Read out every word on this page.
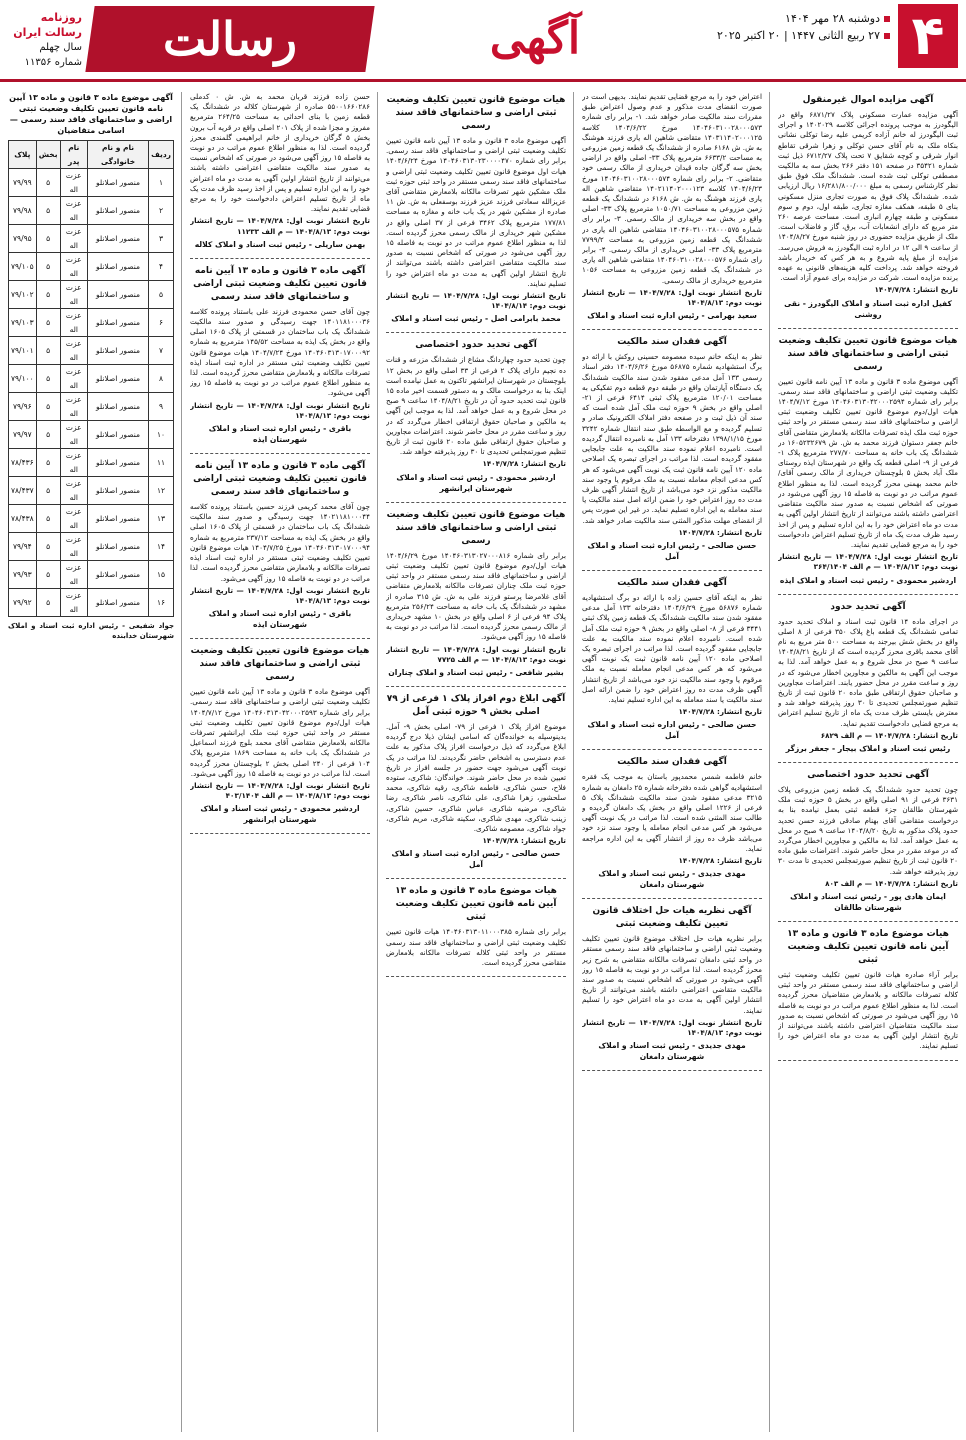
۴
دوشنبه ۲۸ مهر ۱۴۰۴
۲۷ ربیع الثانی ۱۴۴۷ | ۲۰ اکتبر ۲۰۲۵
آگهی
رسالت
روزنامه رسالت ایران
سال چهلم
شماره ۱۱۳۵۶
آگهی مزایده اموال غیرمنقول
آگهی مزایده عمارت مسکونی پلاک ۶۸۷۱/۲۷ واقع در الیگودرز به موجب پرونده اجرائی کلاسه ۱۴۰۲۰۲۹ و اجرای ثبت الیگودرز له خانم آزاده کریمی علیه رضا توکلی نشانی بنکاه ملک به نام آقای حسن توکلی و زهرا شرقی تقاطع انوار شرقی و کوچه شقایق ۷ تحت پلاک ۶۷۱۲/۲۷ ذیل ثبت شماره ۳۵۴۲۱ در صفحه ۱۵۱ دفتر ۲۶۶ بخش سه به مالکیت مصطفی توکلی ثبت شده است. ششدانگ ملک فوق طبق نظر کارشناس رسمی به مبلغ ۱۶/۲۸۱/۸۰۰/۰۰۰ ریال ارزیابی شده. ششدانگ پلاک فوق به صورت تجاری منزل مسکونی بنای ۵ طبقه، همکف مغازه تجاری، طبقه اول، دوم و سوم مسکونی و طبقه چهارم انباری است. مساحت عرصه ۲۶۰ متر مربع که دارای انشعابات آب، برق، گاز و فاضلاب است. ملک از طریق مزایده حضوری در روز شنبه مورخ ۱۴۰۴/۸/۲۷ از ساعت ۹ الی ۱۲ در اداره ثبت الیگودرز به فروش می‌رسد. مزایده از مبلغ پایه شروع و به هر کس که خریدار باشد فروخته خواهد شد. پرداخت کلیه هزینه‌های قانونی به عهده برنده مزایده است. شرکت در مزایده برای عموم آزاد است.
تاریخ انتشار: ۱۴۰۴/۷/۲۸
کفیل اداره ثبت اسناد و املاک الیگودرز - نقی روشنی
هیات موضوع قانون تعیین تکلیف وضعیت ثبتی اراضی و ساختمانهای فاقد سند رسمی
آگهی موضوع ماده ۳ قانون و ماده ۱۳ آیین نامه قانون تعیین تکلیف وضعیت ثبتی اراضی و ساختمانهای فاقد سند رسمی. برابر رای شماره ۱۴۰۴۶۰۳۱۳۰۴۲۰۰۰۲۵۹۴ مورخ ۱۴۰۴/۷/۱۲ هیات اول/دوم موضوع قانون تعیین تکلیف وضعیت ثبتی اراضی و ساختمانهای فاقد سند رسمی مستقر در واحد ثبتی حوزه ثبت ملک ایذه تصرفات مالکانه بلامعارض متقاضی آقای خانم جعفر دستوان فرزند محمد به ش. ش ۱۶۰۵۲۳۲۶۷۹ در ششدانگ یک باب خانه به مساحت ۲۷۷/۷۰ مترمربع پلاک ۱- فرعی از ۹- اصلی قطعه یک واقع در شهرستان ایذه روستای ملک آباد بخش ۵ بلوچستان خریداری از مالک رسمی آقای/خانم محمد بهمنی محرز گردیده است. لذا به منظور اطلاع عموم مراتب در دو نوبت به فاصله ۱۵ روز آگهی می‌شود در صورتی که اشخاص نسبت به صدور سند مالکیت متقاضی اعتراضی داشته باشند می‌توانند از تاریخ انتشار اولین آگهی به مدت دو ماه اعتراض خود را به این اداره تسلیم و پس از اخذ رسید ظرف مدت یک ماه از تاریخ تسلیم اعتراض دادخواست خود را به مرجع قضایی تقدیم نمایند.
تاریخ انتشار نوبت اول: ۱۴۰۴/۷/۲۸ — تاریخ انتشار نوبت دوم: ۱۴۰۴/۸/۱۳ — م الف ۳۶۴/۱۴۰۴
اردشیر محمودی - رئیس ثبت اسناد و املاک ایذه
آگهی تحدید حدود
در اجرای ماده ۱۴ قانون ثبت اسناد و املاک تحدید حدود تمامی ششدانگ یک قطعه باغ پلاک ۳۵۰ فرعی از ۸ اصلی واقع در بخش شش بیرجند به مساحت ۵۰۰ متر مربع به نام آقای محمد باقری محرز گردیده است که از تاریخ ۱۴۰۴/۸/۲۱ ساعت ۹ صبح در محل شروع و به عمل خواهد آمد. لذا به موجب این آگهی به مالکین و مجاورین اخطار می‌شود که در روز و ساعت مقرر در محل حضور یابند. اعتراضات مجاورین و صاحبان حقوق ارتفاقی طبق ماده ۲۰ قانون ثبت از تاریخ تنظیم صورتمجلس تحدیدی تا ۳۰ روز پذیرفته خواهد شد و معترض بایستی ظرف مدت یک ماه از تاریخ تسلیم اعتراض به مرجع قضایی دادخواست تقدیم نماید.
تاریخ انتشار: ۱۴۰۴/۷/۲۸ — م الف ۶۸۲۹
رئیس ثبت اسناد و املاک بیجار - جعفر برزگر
آگهی تحدید حدود اختصاصی
چون تحدید حدود ششدانگ یک قطعه زمین مزروعی پلاک ۳۶۳۱ فرعی از ۹۱ اصلی واقع در بخش ۵ حوزه ثبت ملک شهرستان طالقان جزء قطعه ثبتی بعمل نیامده بنا به درخواست متقاضی آقای بهنام صادقی فرزند حسن تحدید حدود پلاک مذکور به تاریخ ۱۴۰۴/۸/۲۰ ساعت ۹ صبح در محل به عمل خواهد آمد. لذا به مالکین و مجاورین اخطار می‌گردد که در موعد مقرر در محل حاضر شوند. اعتراضات طبق ماده ۲۰ قانون ثبت از تاریخ تنظیم صورتمجلس تحدیدی تا مدت ۳۰ روز پذیرفته خواهد شد.
تاریخ انتشار: ۱۴۰۴/۷/۲۸ — م الف ۸۰۳
ایمان هادی پور - رئیس ثبت اسناد و املاک شهرستان طالقان
هیات موضوع ماده ۳ قانون و ماده ۱۳ آیین نامه قانون تعیین تکلیف وضعیت ثبتی
برابر آراء صادره هیات قانون تعیین تکلیف وضعیت ثبتی اراضی و ساختمانهای فاقد سند رسمی مستقر در واحد ثبتی کلاله تصرفات مالکانه و بلامعارض متقاضیان محرز گردیده است. لذا به منظور اطلاع عموم مراتب در دو نوبت به فاصله ۱۵ روز آگهی می‌شود در صورتی که اشخاص نسبت به صدور سند مالکیت متقاضیان اعتراضی داشته باشند می‌توانند از تاریخ انتشار اولین آگهی به مدت دو ماه اعتراض خود را تسلیم نمایند.
اعتراض خود را به مرجع قضایی تقدیم نمایند. بدیهی است در صورت انقضای مدت مذکور و عدم وصول اعتراض طبق مقررات سند مالکیت صادر خواهد شد. ۱- برابر رای شماره ۱۴۰۴۶۰۳۱۰۰۲۸۰۰۰۵۷۳ مورخ ۱۴۰۴/۶/۲۲ کلاسه ۱۴۰۳۱۱۴۰۲۰۰۰۱۲۵ متقاضی شاهین اله یاری فرزند هوشنگ به ش. ش ۶۱۶۸ صادره از ششدانگ یک قطعه زمین مزروعی به مساحت ۶۶۳۳/۲ مترمربع پلاک ۳۳- اصلی واقع در اراضی بخش سه گرگان جاده قیدان خریداری از مالک رسمی خود متقاضی. ۲- برابر رای شماره ۱۴۰۴۶۰۳۱۰۰۲۸۰۰۰۵۷۴ مورخ ۱۴۰۴/۶/۲۳ کلاسه ۱۴۰۲۱۱۴۰۲۰۰۰۱۲۳ متقاضی شاهین اله یاری فرزند هوشنگ به ش. ش ۶۱۶۸ در ششدانگ یک قطعه زمین مزروعی به مساحت ۱۰۵۰/۷۱ مترمربع پلاک ۳۳- اصلی واقع در بخش سه خریداری از مالک رسمی. ۳- برابر رای شماره ۱۴۰۴۶۰۳۱۰۰۲۸۰۰۰۵۷۵ متقاضی شاهین اله یاری در ششدانگ یک قطعه زمین مزروعی به مساحت ۷۷۹۹/۲ مترمربع پلاک ۳۳- اصلی خریداری از مالک رسمی. ۴- برابر رای شماره ۱۴۰۴۶۰۳۱۰۰۲۸۰۰۰۵۷۶ متقاضی شاهین اله یاری در ششدانگ یک قطعه زمین مزروعی به مساحت ۱۰۵۶ مترمربع خریداری از مالک رسمی.
تاریخ انتشار نوبت اول: ۱۴۰۴/۷/۲۸ — تاریخ انتشار نوبت دوم: ۱۴۰۴/۸/۱۳
سعید بهرامی - رئیس اداره ثبت اسناد و املاک
آگهی فقدان سند مالکیت
نظر به اینکه خانم سیده معصومه حسینی روکش با ارائه دو برگ استشهادیه شماره ۵۶۸۷۵ مورخ ۱۴۰۴/۶/۲۶ دفتر اسناد رسمی ۱۳۳ آمل مدعی مفقود شدن سند مالکیت ششدانگ یک دستگاه آپارتمان واقع در طبقه دوم قطعه دوم تفکیکی به مساحت ۱۲۰/۰۱ مترمربع پلاک ثبتی ۶۴۱۴ فرعی از ۲۱- اصلی واقع در بخش ۹ حوزه ثبت ملک آمل شده است که سند آن ذیل ثبت و در صفحه دفتر املاک الکترونیک صادر و تسلیم گردیده و مع الواسطه طبق سند انتقال شماره ۳۲۴۲ مورخ ۱۳۹۸/۱/۱۵ دفترخانه ۱۳۳ آمل به نامبرده انتقال گردیده است. نامبرده اعلام نموده سند مالکیت به علت جابجایی مفقود گردیده است. لذا مراتب در اجرای تبصره یک اصلاحی ماده ۱۲۰ آیین نامه قانون ثبت یک نوبت آگهی می‌شود که هر کس مدعی انجام معامله نسبت به ملک مرقوم یا وجود سند مالکیت مذکور نزد خود می‌باشد از تاریخ انتشار آگهی ظرف مدت ده روز اعتراض خود را ضمن ارائه اصل سند مالکیت یا سند معامله به این اداره تسلیم نماید. در غیر این صورت پس از انقضای مهلت مذکور المثنی سند مالکیت صادر خواهد شد.
تاریخ انتشار: ۱۴۰۴/۷/۲۸
حسن صالحی - رئیس اداره ثبت اسناد و املاک آمل
آگهی فقدان سند مالکیت
نظر به اینکه آقای حسین زاده با ارائه دو برگ استشهادیه شماره ۵۶۸۷۶ مورخ ۱۴۰۴/۶/۲۹ دفترخانه ۱۳۳ آمل مدعی مفقود شدن سند مالکیت ششدانگ یک قطعه زمین پلاک ثبتی ۳۴۴۱ فرعی از ۸- اصلی واقع در بخش ۹ حوزه ثبت ملک آمل شده است. نامبرده اعلام نموده سند مالکیت به علت جابجایی مفقود گردیده است. لذا مراتب در اجرای تبصره یک اصلاحی ماده ۱۲۰ آیین نامه قانون ثبت یک نوبت آگهی می‌شود که هر کس مدعی انجام معامله نسبت به ملک مرقوم یا وجود سند مالکیت نزد خود می‌باشد از تاریخ انتشار آگهی ظرف مدت ده روز اعتراض خود را ضمن ارائه اصل سند مالکیت یا سند معامله به این اداره تسلیم نماید.
تاریخ انتشار: ۱۴۰۴/۷/۲۸
حسن صالحی - رئیس اداره ثبت اسناد و املاک آمل
آگهی فقدان سند مالکیت
خانم فاطمه شمس محمدپور باستان به موجب یک فقره استشهادیه گواهی شده دفترخانه شماره ۲۵ دامغان به شماره ۳۲۱۵ مدعی مفقود شدن سند مالکیت ششدانگ پلاک ۵ فرعی از ۱۲۲۶ اصلی واقع در بخش یک دامغان گردیده و طالب سند المثنی شده است. لذا مراتب در یک نوبت آگهی می‌شود هر کس مدعی انجام معامله یا وجود سند نزد خود می‌باشد ظرف ده روز از انتشار آگهی به این اداره مراجعه نماید.
تاریخ انتشار: ۱۴۰۴/۷/۲۸
مهدی جدیدی - رئیس ثبت اسناد و املاک شهرستان دامغان
آگهی نظریه هیات حل اختلاف قانون تعیین تکلیف وضعیت ثبتی
برابر نظریه هیات حل اختلاف موضوع قانون تعیین تکلیف وضعیت ثبتی اراضی و ساختمانهای فاقد سند رسمی مستقر در واحد ثبتی دامغان تصرفات مالکانه متقاضی به شرح زیر محرز گردیده است. لذا مراتب در دو نوبت به فاصله ۱۵ روز آگهی می‌شود در صورتی که اشخاص نسبت به صدور سند مالکیت متقاضی اعتراضی داشته باشند می‌توانند از تاریخ انتشار اولین آگهی به مدت دو ماه اعتراض خود را تسلیم نمایند.
تاریخ انتشار نوبت اول: ۱۴۰۴/۷/۲۸ — تاریخ انتشار نوبت دوم: ۱۴۰۴/۸/۱۳
مهدی جدیدی - رئیس ثبت اسناد و املاک شهرستان دامغان
هیات موضوع قانون تعیین تکلیف وضعیت ثبتی اراضی و ساختمانهای فاقد سند رسمی
آگهی موضوع ماده ۳ قانون و ماده ۱۳ آیین نامه قانون تعیین تکلیف وضعیت ثبتی اراضی و ساختمانهای فاقد سند رسمی. برابر رای شماره ۱۴۰۴۶۰۳۱۳۰۲۳۰۰۰۰۴۷۰ مورخ ۱۴۰۴/۶/۲۴ هیات اول موضوع قانون تعیین تکلیف وضعیت ثبتی اراضی و ساختمانهای فاقد سند رسمی مستقر در واحد ثبتی حوزه ثبت ملک مشکین شهر تصرفات مالکانه بلامعارض متقاضی آقای عزیزالله سعادتی فرزند عزیز فرزند بوسفعلی به ش. ش ۱۱ صادره از مشکین شهر در یک باب خانه و مغازه به مساحت ۱۷۷/۸۱ مترمربع پلاک ۳۴۶۲ فرعی از ۳۷ اصلی واقع در مشکین شهر خریداری از مالک رسمی محرز گردیده است. لذا به منظور اطلاع عموم مراتب در دو نوبت به فاصله ۱۵ روز آگهی می‌شود در صورتی که اشخاص نسبت به صدور سند مالکیت متقاضی اعتراضی داشته باشند می‌توانند از تاریخ انتشار اولین آگهی به مدت دو ماه اعتراض خود را تسلیم نمایند.
تاریخ انتشار نوبت اول: ۱۴۰۴/۷/۲۸ — تاریخ انتشار نوبت دوم: ۱۴۰۴/۸/۱۴
محمد بابرامی اصل - رئیس ثبت اسناد و املاک
آگهی تحدید حدود اختصاصی
چون تحدید حدود چهاردانگ مشاع از ششدانگ مزرعه و قنات ده نجیم دارای پلاک ۲ فرعی از ۳۳ اصلی واقع در بخش ۱۲ بلوچستان در شهرستان ایرانشهر تاکنون به عمل نیامده است اینک بنا به درخواست مالک و به دستور قسمت اخیر ماده ۱۵ قانون ثبت تحدید حدود آن در تاریخ ۱۴۰۴/۸/۲۱ ساعت ۹ صبح در محل شروع و به عمل خواهد آمد. لذا به موجب این آگهی به مالکین و صاحبان حقوق ارتفاقی اخطار می‌گردد که در روز و ساعت مقرر در محل حاضر شوند. اعتراضات مجاورین و صاحبان حقوق ارتفاقی طبق ماده ۲۰ قانون ثبت از تاریخ تنظیم صورتمجلس تحدیدی تا ۳۰ روز پذیرفته خواهد شد.
تاریخ انتشار: ۱۴۰۴/۷/۲۸
اردشیر محمودی - رئیس ثبت اسناد و املاک شهرستان ایرانشهر
هیات موضوع قانون تعیین تکلیف وضعیت ثبتی اراضی و ساختمانهای فاقد سند رسمی
برابر رای شماره ۱۴۰۴۶۰۳۱۳۰۲۷۰۰۰۸۱۶ مورخ ۱۴۰۴/۶/۲۹ هیات اول/دوم موضوع قانون تعیین تکلیف وضعیت ثبتی اراضی و ساختمانهای فاقد سند رسمی مستقر در واحد ثبتی حوزه ثبت ملک چناران تصرفات مالکانه بلامعارض متقاضی آقای غلامرضا پرستو فرزند علی به ش. ش ۳۱۵ صادره از مشهد در ششدانگ یک باب خانه به مساحت ۲۵۶/۲۴ مترمربع پلاک ۹۴ فرعی از ۶ اصلی واقع در بخش ۱۰ مشهد خریداری از مالک رسمی محرز گردیده است. لذا مراتب در دو نوبت به فاصله ۱۵ روز آگهی می‌شود.
تاریخ انتشار نوبت اول: ۱۴۰۴/۷/۲۸ — تاریخ انتشار نوبت دوم: ۱۴۰۴/۸/۱۳ — م الف ۷۷۲۵
بشیر شافعی - رئیس ثبت اسناد و املاک چناران
آگهی ابلاغ دوم افراز پلاک ۱ فرعی از ۷۹ اصلی بخش ۹ حوزه ثبتی آمل
موضوع افراز پلاک ۱ فرعی از ۷۹- اصلی بخش ۹- آمل. بدینوسیله به خوانده‌گان که اسامی ایشان ذیلا درج گردیده ابلاغ می‌گردد که ذیل درخواست افراز پلاک مذکور به علت عدم دسترسی به اشخاص حاضر نگردیدند. لذا مراتب در یک نوبت آگهی می‌شود جهت حضور در جلسه افراز در تاریخ تعیین شده در محل حاضر شوند. خواندگان: شاکری، ستوده فلاح، حسن شاکری، فاطمه شاکری، رقیه شاکری، محمد سلحشور، زهرا شاکری، علی شاکری، ناصر شاکری، رضا شاکری، مرضیه شاکری، عباس شاکری، حسین شاکری، زینب شاکری، مهدی شاکری، سکینه شاکری، مریم شاکری، جواد شاکری، معصومه شاکری.
تاریخ انتشار: ۱۴۰۴/۷/۲۸
حسن صالحی - رئیس اداره ثبت اسناد و املاک آمل
هیات موضوع ماده ۳ قانون و ماده ۱۳ آیین نامه قانون تعیین تکلیف وضعیت ثبتی
برابر رای شماره ۱۴۰۴۶۰۳۱۳۰۱۱۰۰۰۳۸۵ هیات قانون تعیین تکلیف وضعیت ثبتی اراضی و ساختمانهای فاقد سند رسمی مستقر در واحد ثبتی کلاله تصرفات مالکانه بلامعارض متقاضی محرز گردیده است.
حسن زاده فرزند قربان محمد به ش. ش ۰ کدملی ۵۵۰۰۱۶۶۰۲۸۶ صادره از شهرستان کلاله در ششدانگ یک قطعه زمین با بنای احداثی به مساحت ۲۶۴/۲۵ مترمربع مفروز و مجزا شده از پلاک ۲۰۱ اصلی واقع در قریه آب برون بخش ۵ گرگان خریداری از خانم ابراهیمی گلمندی محرز گردیده است. لذا به منظور اطلاع عموم مراتب در دو نوبت به فاصله ۱۵ روز آگهی می‌شود در صورتی که اشخاص نسبت به صدور سند مالکیت متقاضی اعتراضی داشته باشند می‌توانند از تاریخ انتشار اولین آگهی به مدت دو ماه اعتراض خود را به این اداره تسلیم و پس از اخذ رسید ظرف مدت یک ماه از تاریخ تسلیم اعتراض دادخواست خود را به مرجع قضایی تقدیم نمایند.
تاریخ انتشار نوبت اول: ۱۴۰۴/۷/۲۸ — تاریخ انتشار نوبت دوم: ۱۴۰۴/۸/۱۳ — م الف ۱۱۲۳۳
بهمن ساریلی - رئیس ثبت اسناد و املاک کلاله
آگهی ماده ۳ قانون و ماده ۱۳ آیین نامه قانون تعیین تکلیف وضعیت ثبتی اراضی و ساختمانهای فاقد سند رسمی
چون آقای حسن محمودی فرزند علی باستناد پرونده کلاسه ۱۴۰۱۱۸۱۰۰۰۳۶ جهت رسیدگی و صدور سند مالکیت ششدانگ یک باب ساختمان در قسمتی از پلاک ۱۶۰۵ اصلی واقع در بخش یک ایذه به مساحت ۱۴۵/۵۲ مترمربع به شماره ۱۴۰۴۶۰۳۱۳۰۱۷۰۰۰۹۲ مورخ ۱۴۰۴/۷/۲۴ هیات موضوع قانون تعیین تکلیف وضعیت ثبتی مستقر در اداره ثبت اسناد ایذه تصرفات مالکانه و بلامعارض متقاضی محرز گردیده است. لذا به منظور اطلاع عموم مراتب در دو نوبت به فاصله ۱۵ روز آگهی می‌شود.
تاریخ انتشار نوبت اول: ۱۴۰۴/۷/۲۸ — تاریخ انتشار نوبت دوم: ۱۴۰۴/۸/۱۳
باقری - رئیس اداره ثبت اسناد و املاک شهرستان ایذه
آگهی ماده ۳ قانون و ماده ۱۳ آیین نامه قانون تعیین تکلیف وضعیت ثبتی اراضی و ساختمانهای فاقد سند رسمی
چون آقای محمد کریمی فرزند حسین باستناد پرونده کلاسه ۱۴۰۲۱۱۸۱۰۰۰۴۴ جهت رسیدگی و صدور سند مالکیت ششدانگ یک باب ساختمان در قسمتی از پلاک ۱۶۰۵ اصلی واقع در بخش یک ایذه به مساحت ۲۳۷/۱۲ مترمربع به شماره ۱۴۰۴۶۰۳۱۳۰۱۷۰۰۰۹۴ مورخ ۱۴۰۴/۷/۲۵ هیات موضوع قانون تعیین تکلیف وضعیت ثبتی مستقر در اداره ثبت اسناد ایذه تصرفات مالکانه و بلامعارض متقاضی محرز گردیده است. لذا مراتب در دو نوبت به فاصله ۱۵ روز آگهی می‌شود.
تاریخ انتشار نوبت اول: ۱۴۰۴/۷/۲۸ — تاریخ انتشار نوبت دوم: ۱۴۰۴/۸/۱۳
باقری - رئیس اداره ثبت اسناد و املاک شهرستان ایذه
هیات موضوع قانون تعیین تکلیف وضعیت ثبتی اراضی و ساختمانهای فاقد سند رسمی
آگهی موضوع ماده ۳ قانون و ماده ۱۳ آیین نامه قانون تعیین تکلیف وضعیت ثبتی اراضی و ساختمانهای فاقد سند رسمی. برابر رای شماره ۱۴۰۴۶۰۳۱۳۰۴۲۰۰۰۲۵۹۳ مورخ ۱۴۰۴/۷/۱۲ هیات اول/دوم موضوع قانون تعیین تکلیف وضعیت ثبتی مستقر در واحد ثبتی حوزه ثبت ملک ایرانشهر تصرفات مالکانه بلامعارض متقاضی آقای محمد بلوچ فرزند اسماعیل در ششدانگ یک باب خانه به مساحت ۱۸۶۹ مترمربع پلاک ۱۰۴ فرعی از ۲۴۰ اصلی بخش ۲ بلوچستان محرز گردیده است. لذا مراتب در دو نوبت به فاصله ۱۵ روز آگهی می‌شود.
تاریخ انتشار نوبت اول: ۱۴۰۴/۷/۲۸ — تاریخ انتشار نوبت دوم: ۱۴۰۴/۸/۱۳ — م الف ۴۰۳/۱۴۰۴
اردشیر محمودی - رئیس ثبت اسناد و املاک شهرستان ایرانشهر
آگهی موضوع ماده ۳ قانون و ماده ۱۳ آیین نامه قانون تعیین تکلیف وضعیت ثبتی اراضی و ساختمانهای فاقد سند رسمی — اسامی متقاضیان
ردیف	نام و نام خانوادگی	نام پدر	بخش	پلاک
۱	منصور اصلانلو	عزت اله	۵	۷۹/۹۹
۲	منصور اصلانلو	عزت اله	۵	۷۹/۹۸
۳	منصور اصلانلو	عزت اله	۵	۷۹/۹۵
۴	منصور اصلانلو	عزت اله	۵	۷۹/۱۰۵
۵	منصور اصلانلو	عزت اله	۵	۷۹/۱۰۲
۶	منصور اصلانلو	عزت اله	۵	۷۹/۱۰۳
۷	منصور اصلانلو	عزت اله	۵	۷۹/۱۰۱
۸	منصور اصلانلو	عزت اله	۵	۷۹/۱۰۰
۹	منصور اصلانلو	عزت اله	۵	۷۹/۹۶
۱۰	منصور اصلانلو	عزت اله	۵	۷۹/۹۷
۱۱	منصور اصلانلو	عزت اله	۵	۷۸/۴۳۶
۱۲	منصور اصلانلو	عزت اله	۵	۷۸/۴۳۷
۱۳	منصور اصلانلو	عزت اله	۵	۷۸/۴۳۸
۱۴	منصور اصلانلو	عزت اله	۵	۷۹/۹۴
۱۵	منصور اصلانلو	عزت اله	۵	۷۹/۹۳
۱۶	منصور اصلانلو	عزت اله	۵	۷۹/۹۲
جواد شفیعی - رئیس اداره ثبت اسناد و املاک شهرستان خدابنده
